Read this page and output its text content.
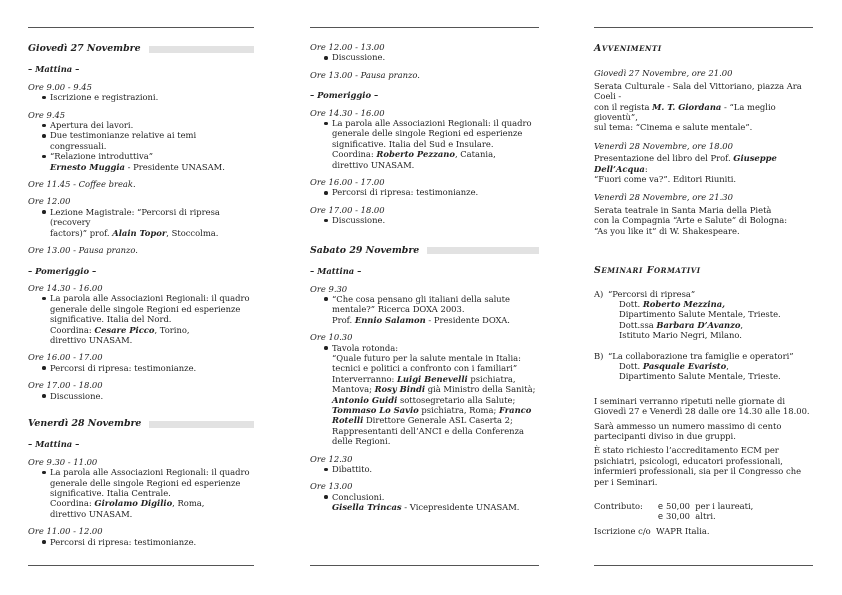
Giovedì 27 Novembre
– Mattina –
Ore 9.00 - 9.45
Iscrizione e registrazioni.
Ore 9.45
Apertura dei lavori.
Due testimonianze relative ai temi congressuali.
“Relazione introduttiva”
Ernesto Muggia - Presidente UNASAM.
Ore 11.45 - Coffee break.
Ore 12.00
Lezione Magistrale: “Percorsi di ripresa (recovery
factors)” prof. Alain Topor, Stoccolma.
Ore 13.00 - Pausa pranzo.
– Pomeriggio –
Ore 14.30 - 16.00
La parola alle Associazioni Regionali: il quadro
generale delle singole Regioni ed esperienze
significative. Italia del Nord.
Coordina: Cesare Picco, Torino,
direttivo UNASAM.
Ore 16.00 - 17.00
Percorsi di ripresa: testimonianze.
Ore 17.00 - 18.00
Discussione.
Venerdì 28 Novembre
– Mattina –
Ore 9.30 - 11.00
La parola alle Associazioni Regionali: il quadro
generale delle singole Regioni ed esperienze
significative. Italia Centrale.
Coordina: Girolamo Digilio, Roma,
direttivo UNASAM.
Ore 11.00 - 12.00
Percorsi di ripresa: testimonianze.
Ore 12.00 - 13.00
Discussione.
Ore 13.00 - Pausa pranzo.
– Pomeriggio –
Ore 14.30 - 16.00
La parola alle Associazioni Regionali: il quadro
generale delle singole Regioni ed esperienze
significative. Italia del Sud e Insulare.
Coordina: Roberto Pezzano, Catania,
direttivo UNASAM.
Ore 16.00 - 17.00
Percorsi di ripresa: testimonianze.
Ore 17.00 - 18.00
Discussione.
Sabato 29 Novembre
– Mattina –
Ore 9.30
“Che cosa pensano gli italiani della salute
mentale?” Ricerca DOXA 2003.
Prof. Ennio Salamon - Presidente DOXA.
Ore 10.30
Tavola rotonda:
“Quale futuro per la salute mentale in Italia:
tecnici e politici a confronto con i familiari”
Interverranno: Luigi Benevelli psichiatra,
Mantova; Rosy Bindi già Ministro della Sanità;
Antonio Guidi sottosegretario alla Salute;
Tommaso Lo Savio psichiatra, Roma; Franco
Rotelli Direttore Generale ASL Caserta 2;
Rappresentanti dell’ANCI e della Conferenza
delle Regioni.
Ore 12.30
Dibattito.
Ore 13.00
Conclusioni.
Gisella Trincas - Vicepresidente UNASAM.
Avvenimenti
Giovedì 27 Novembre, ore 21.00
Serata Culturale - Sala del Vittoriano, piazza Ara Coeli -
con il regista M. T. Giordana - “La meglio gioventù”,
sul tema: “Cinema e salute mentale”.
Venerdì 28 Novembre, ore 18.00
Presentazione del libro del Prof. Giuseppe Dell’Acqua:
“Fuori come va?”. Editori Riuniti.
Venerdì 28 Novembre, ore 21.30
Serata teatrale in Santa Maria della Pietà
con la Compagnia “Arte e Salute” di Bologna:
“As you like it” di W. Shakespeare.
Seminari Formativi
A) “Percorsi di ripresa”
Dott. Roberto Mezzina,
Dipartimento Salute Mentale, Trieste.
Dott.ssa Barbara D’Avanzo,
Istituto Mario Negri, Milano.
B) “La collaborazione tra famiglie e operatori”
Dott. Pasquale Evaristo,
Dipartimento Salute Mentale, Trieste.
I seminari verranno ripetuti nelle giornate di Giovedì 27 e Venerdì 28 dalle ore 14.30 alle 18.00.
Sarà ammesso un numero massimo di cento partecipanti diviso in due gruppi.
È stato richiesto l’accreditamento ECM per psichiatri, psicologi, educatori professionali, infermieri professionali, sia per il Congresso che per i Seminari.
Contributo:	e 50,00  per i laureati,
e 30,00  altri.
Iscrizione c/o  WAPR Italia.
